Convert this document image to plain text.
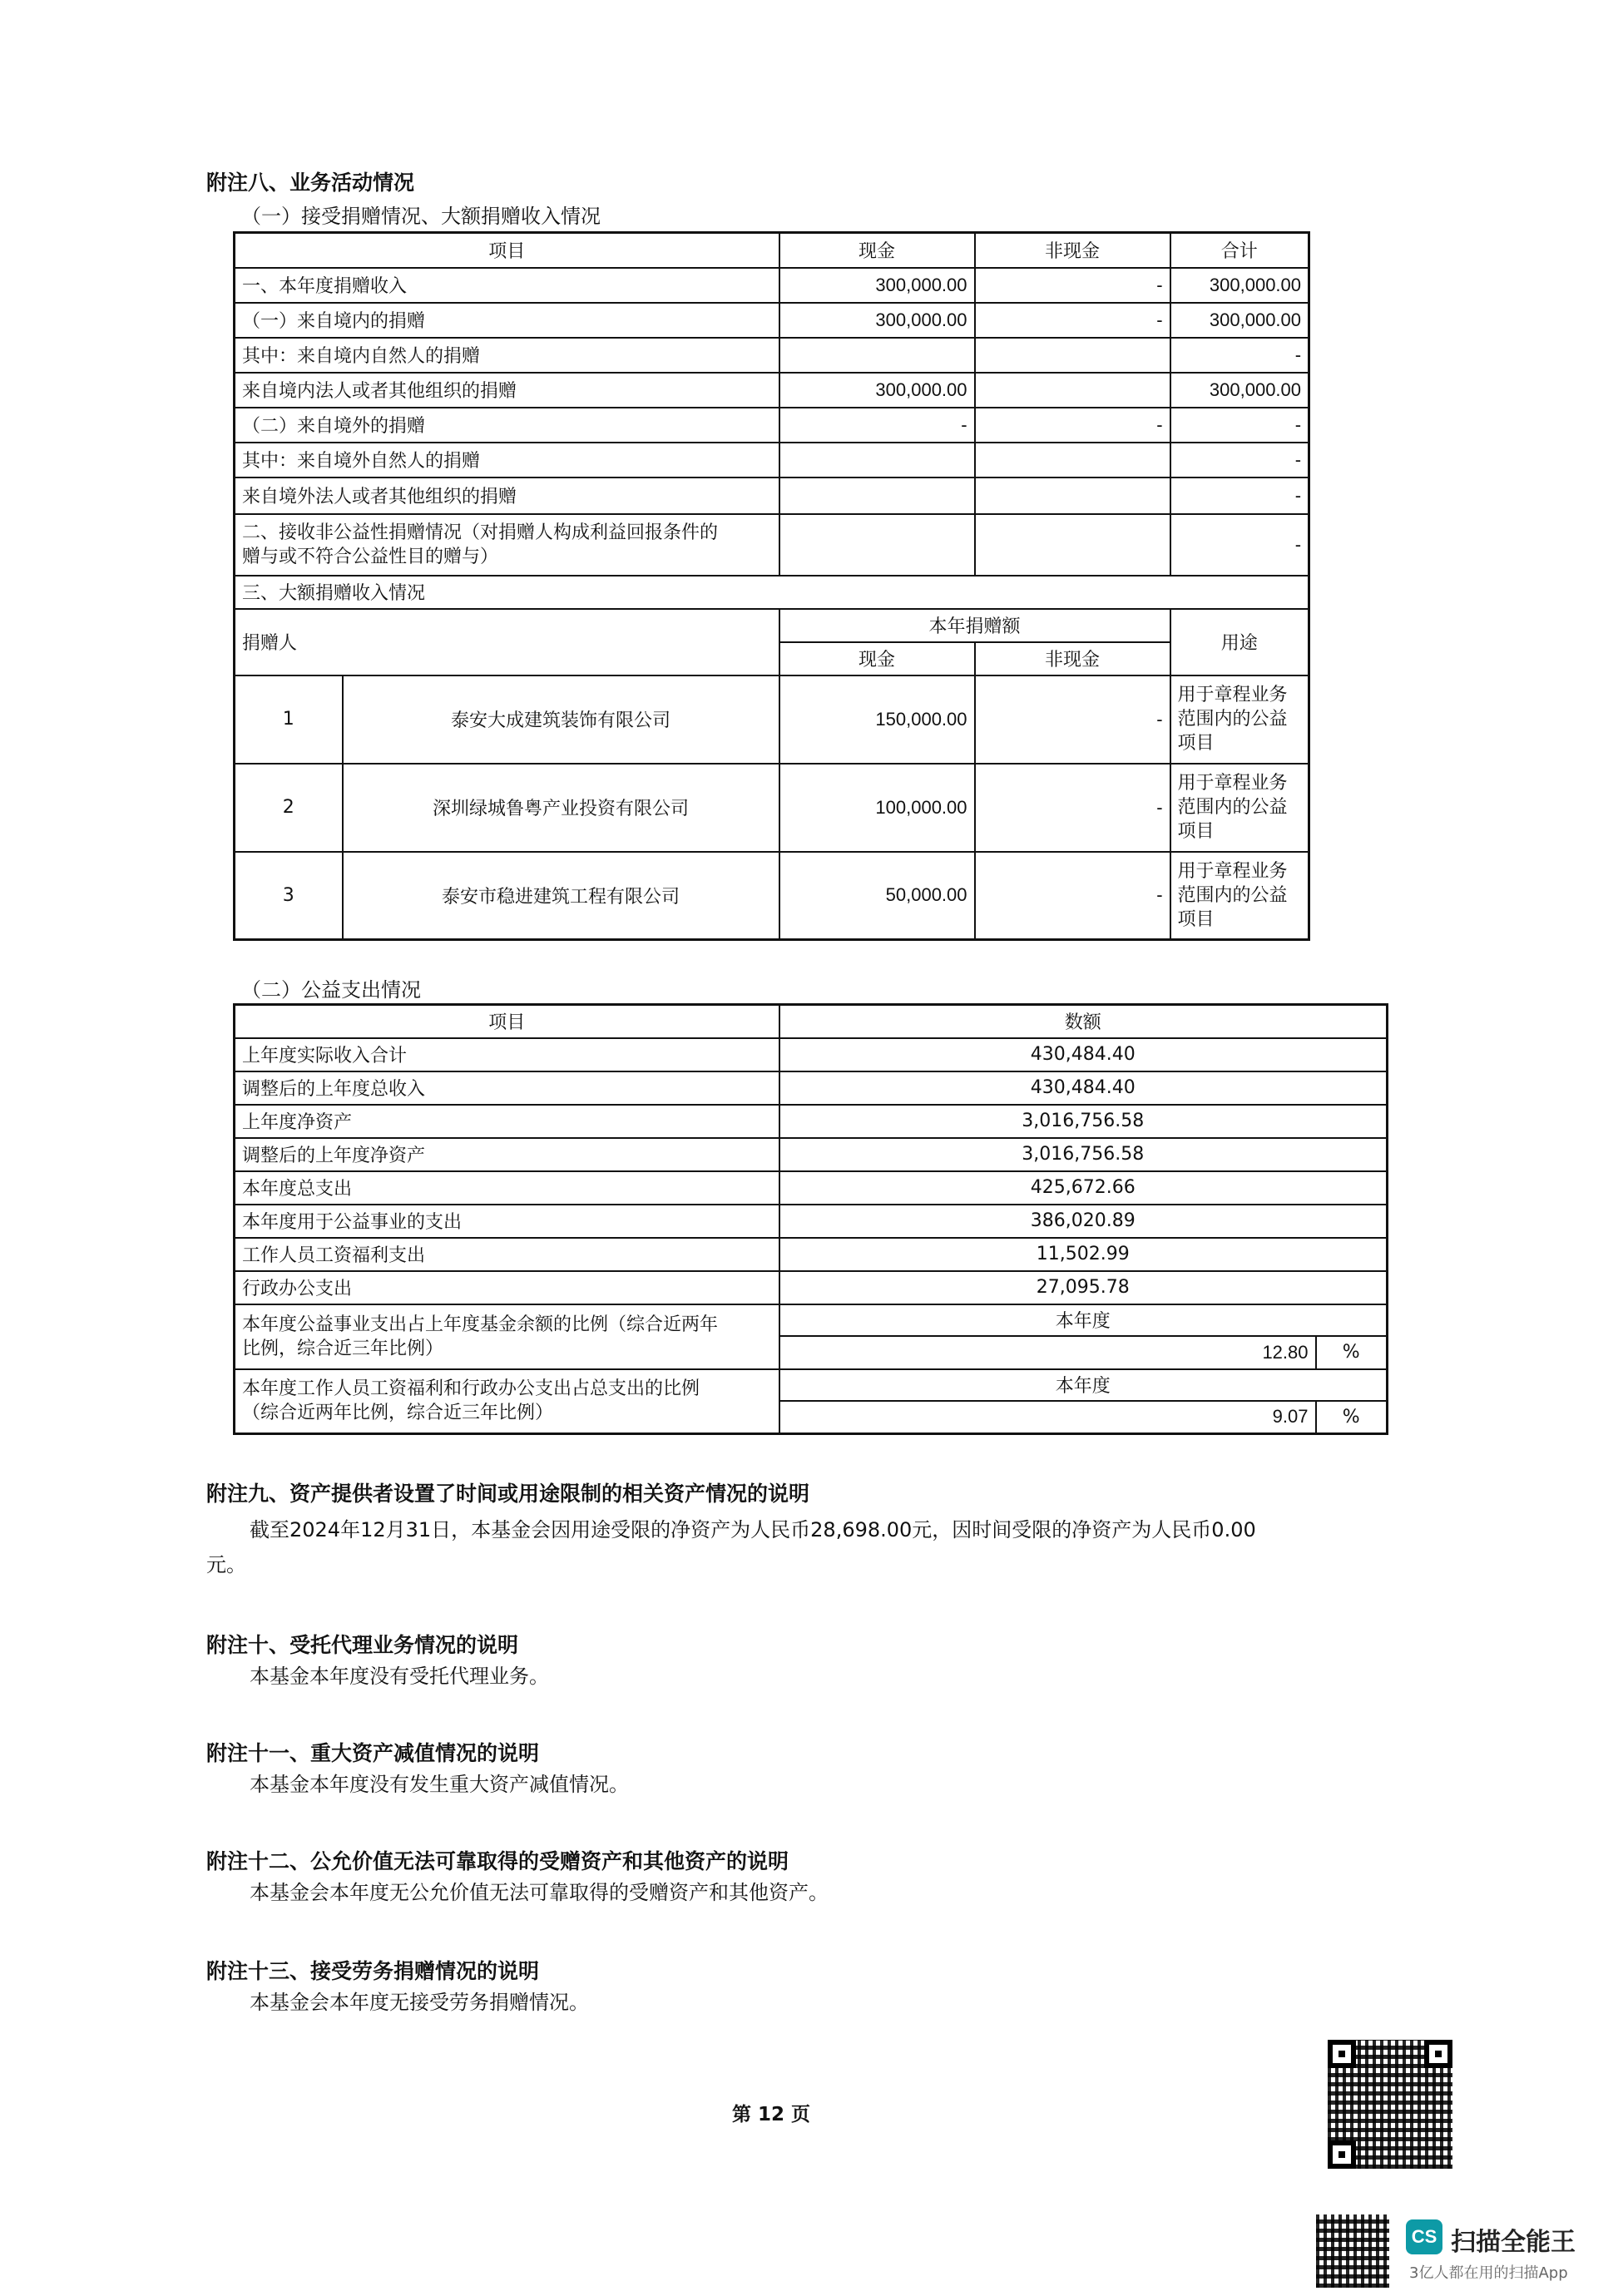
附注八、业务活动情况
（一）接受捐赠情况、大额捐赠收入情况
项目		现金	非现金	合计
一、本年度捐赠收入		300,000.00	-	300,000.00
（一）来自境内的捐赠		300,000.00	-	300,000.00
其中：来自境内自然人的捐赠				-
来自境内法人或者其他组织的捐赠		300,000.00		300,000.00
（二）来自境外的捐赠		-	-	-
其中：来自境外自然人的捐赠				-
来自境外法人或者其他组织的捐赠				-

二、接收非公益性捐赠情况（对捐赠人构成利益回报条件的
赠与或不符合公益性目的赠与）				-
三、大额捐赠收入情况				
捐赠人		本年捐赠额		用途
		现金	非现金	
1	泰安大成建筑装饰有限公司	150,000.00	-	用于章程业务范围内的公益项目
2	深圳绿城鲁粤产业投资有限公司	100,000.00	-	用于章程业务范围内的公益项目
3	泰安市稳进建筑工程有限公司	50,000.00	-	用于章程业务范围内的公益项目
（二）公益支出情况
项目	数额	
上年度实际收入合计	430,484.40	
调整后的上年度总收入	430,484.40	
上年度净资产	3,016,756.58	
调整后的上年度净资产	3,016,756.58	
本年度总支出	425,672.66	
本年度用于公益事业的支出	386,020.89	
工作人员工资福利支出	11,502.99	
行政办公支出	27,095.78	

本年度公益事业支出占上年度基金余额的比例（综合近两年
比例，综合近三年比例）	本年度	
	12.80	%

本年度工作人员工资福利和行政办公支出占总支出的比例
（综合近两年比例，综合近三年比例）	本年度	
	9.07	%
附注九、资产提供者设置了时间或用途限制的相关资产情况的说明
截至2024年12月31日，本基金会因用途受限的净资产为人民币28,698.00元，因时间受限的净资产为人民币0.00
元。
附注十、受托代理业务情况的说明
本基金本年度没有受托代理业务。
附注十一、重大资产减值情况的说明
本基金本年度没有发生重大资产减值情况。
附注十二、公允价值无法可靠取得的受赠资产和其他资产的说明
本基金会本年度无公允价值无法可靠取得的受赠资产和其他资产。
附注十三、接受劳务捐赠情况的说明
本基金会本年度无接受劳务捐赠情况。
第 12 页
CS 扫描全能王
3亿人都在用的扫描App
